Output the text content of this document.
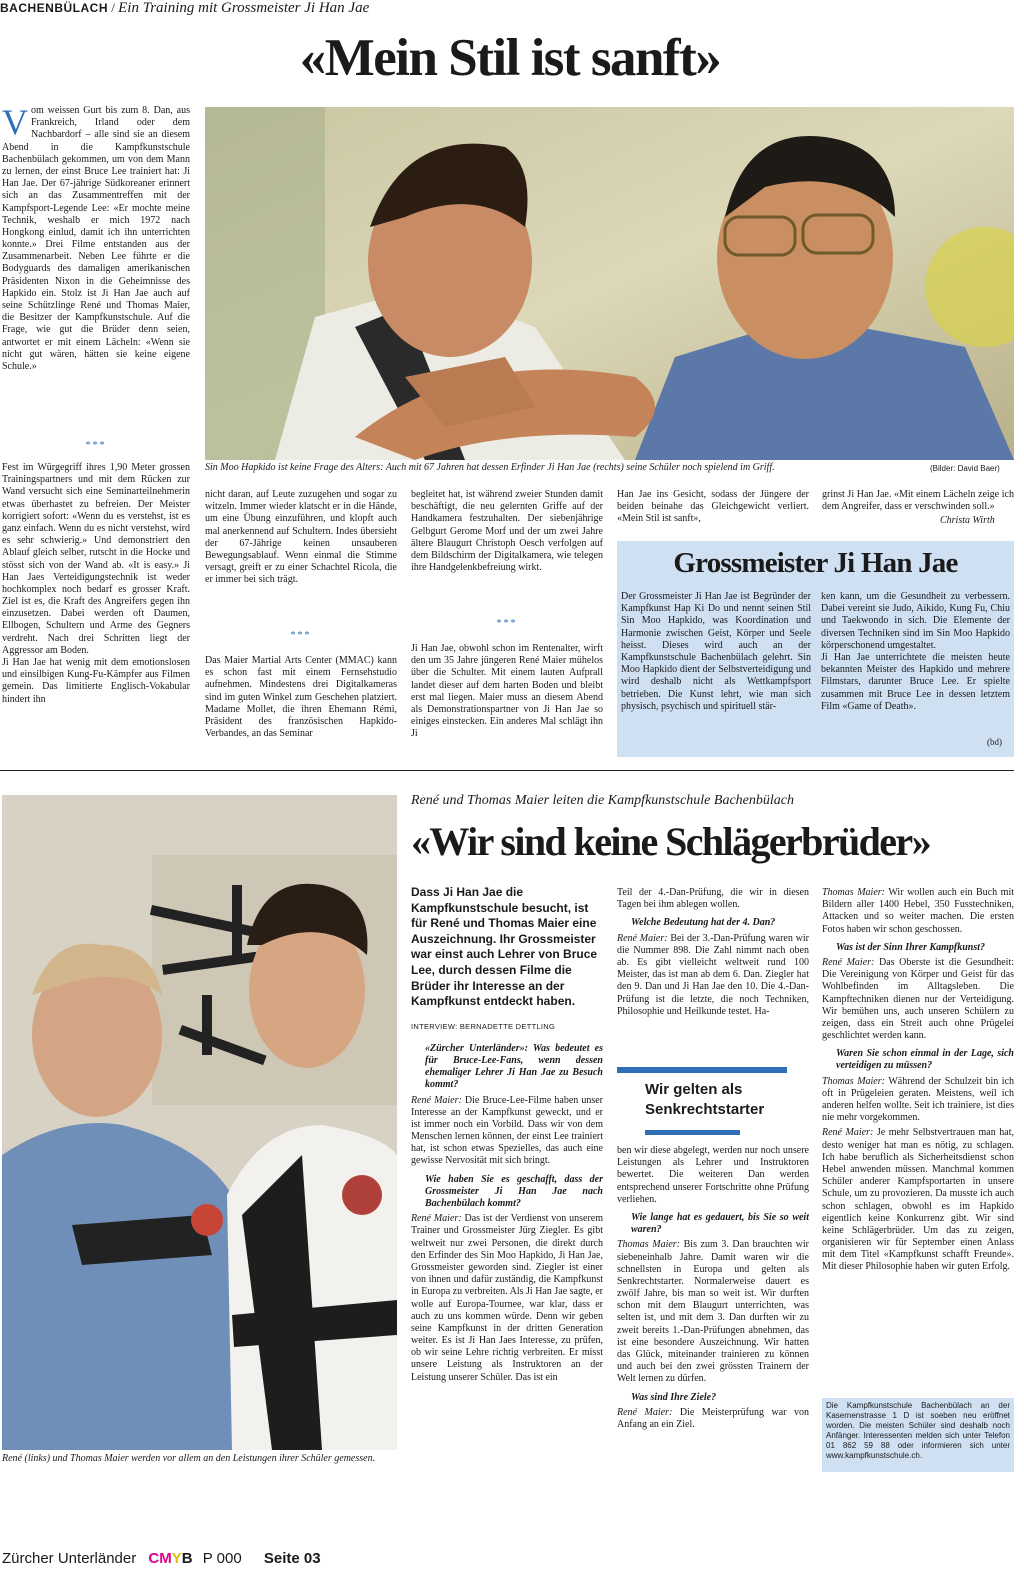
BACHENBÜLACH / Ein Training mit Grossmeister Ji Han Jae
«Mein Stil ist sanft»
Vom weissen Gurt bis zum 8. Dan, aus Frankreich, Irland oder dem Nachbardorf – alle sind sie an diesem Abend in die Kampfkunstschule Bachenbülach gekommen, um von dem Mann zu lernen, der einst Bruce Lee trainiert hat: Ji Han Jae. Der 67-jährige Südkoreaner erinnert sich an das Zusammentreffen mit der Kampfsport-Legende Lee: «Er mochte meine Technik, weshalb er mich 1972 nach Hongkong einlud, damit ich ihn unterrichten konnte.» Drei Filme entstanden aus der Zusammenarbeit. Neben Lee führte er die Bodyguards des damaligen amerikanischen Präsidenten Nixon in die Geheimnisse des Hapkido ein. Stolz ist Ji Han Jae auch auf seine Schützlinge René und Thomas Maier, die Besitzer der Kampfkunstschule. Auf die Frage, wie gut die Brüder denn seien, antwortet er mit einem Lächeln: «Wenn sie nicht gut wären, hätten sie keine eigene Schule.»
***
Sin Moo Hapkido ist keine Frage des Alters: Auch mit 67 Jahren hat dessen Erfinder Ji Han Jae (rechts) seine Schüler noch spielend im Griff.	(Bilder: David Baer)
Fest im Würgegriff ihres 1,90 Meter grossen Trainingspartners und mit dem Rücken zur Wand versucht sich eine Seminarteilnehmerin etwas überhastet zu befreien. Der Meister korrigiert sofort: «Wenn du es verstehst, ist es ganz einfach. Wenn du es nicht verstehst, wird es sehr schwierig.» Und demonstriert den Ablauf gleich selber, rutscht in die Hocke und stösst sich von der Wand ab. «It is easy.» Ji Han Jaes Verteidigungstechnik ist weder hochkomplex noch bedarf es grosser Kraft. Ziel ist es, die Kraft des Angreifers gegen ihn einzusetzen. Dabei werden oft Daumen, Ellbogen, Schultern und Arme des Gegners verdreht. Nach drei Schritten liegt der Aggressor am Boden.
Ji Han Jae hat wenig mit dem emotionslosen und einsilbigen Kung-Fu-Kämpfer aus Filmen gemein. Das limitierte Englisch-Vokabular hindert ihn
nicht daran, auf Leute zuzugehen und sogar zu witzeln. Immer wieder klatscht er in die Hände, um eine Übung einzuführen, und klopft auch mal anerkennend auf Schultern. Indes übersieht der 67-Jährige keinen unsauberen Bewegungsablauf. Wenn einmal die Stimme versagt, greift er zu einer Schachtel Ricola, die er immer bei sich trägt.
***
Das Maier Martial Arts Center (MMAC) kann es schon fast mit einem Fernsehstudio aufnehmen. Mindestens drei Digitalkameras sind im guten Winkel zum Geschehen platziert. Madame Mollet, die ihren Ehemann Rémi, Präsident des französischen Hapkido-Verbandes, an das Seminar
begleitet hat, ist während zweier Stunden damit beschäftigt, die neu gelernten Griffe auf der Handkamera festzuhalten. Der siebenjährige Gelbgurt Gerome Morf und der um zwei Jahre ältere Blaugurt Christoph Oesch verfolgen auf dem Bildschirm der Digitalkamera, wie telegen ihre Handgelenkbefreiung wirkt.
***
Ji Han Jae, obwohl schon im Rentenalter, wirft den um 35 Jahre jüngeren René Maier mühelos über die Schulter. Mit einem lauten Aufprall landet dieser auf dem harten Boden und bleibt erst mal liegen. Maier muss an diesem Abend als Demonstrationspartner von Ji Han Jae so einiges einstecken. Ein anderes Mal schlägt ihn Ji
Han Jae ins Gesicht, sodass der Jüngere der beiden beinahe das Gleichgewicht verliert. «Mein Stil ist sanft»,
grinst Ji Han Jae. «Mit einem Lächeln zeige ich dem Angreifer, dass er verschwinden soll.»
Christa Wirth
Grossmeister Ji Han Jae
Der Grossmeister Ji Han Jae ist Begründer der Kampfkunst Hap Ki Do und nennt seinen Stil Sin Moo Hapkido, was Koordination und Harmonie zwischen Geist, Körper und Seele heisst. Dieses wird auch an der Kampfkunstschule Bachenbülach gelehrt. Sin Moo Hapkido dient der Selbstverteidigung und wird deshalb nicht als Wettkampfsport betrieben. Die Kunst lehrt, wie man sich physisch, psychisch und spirituell stär-
ken kann, um die Gesundheit zu verbessern. Dabei vereint sie Judo, Aikido, Kung Fu, Chiu und Taekwondo in sich. Die Elemente der diversen Techniken sind im Sin Moo Hapkido körperschonend umgestaltet.
Ji Han Jae unterrichtete die meisten heute bekannten Meister des Hapkido und mehrere Filmstars, darunter Bruce Lee. Er spielte zusammen mit Bruce Lee in dessen letztem Film «Game of Death».
(bd)
René und Thomas Maier leiten die Kampfkunstschule Bachenbülach
«Wir sind keine Schlägerbrüder»
René (links) und Thomas Maier werden vor allem an den Leistungen ihrer Schüler gemessen.
Dass Ji Han Jae die Kampfkunstschule besucht, ist für René und Thomas Maier eine Auszeichnung. Ihr Grossmeister war einst auch Lehrer von Bruce Lee, durch dessen Filme die Brüder ihr Interesse an der Kampfkunst entdeckt haben.
INTERVIEW: BERNADETTE DETTLING

«Zürcher Unterländer»: Was bedeutet es für Bruce-Lee-Fans, wenn dessen ehemaliger Lehrer Ji Han Jae zu Besuch kommt?

René Maier: Die Bruce-Lee-Filme haben unser Interesse an der Kampfkunst geweckt, und er ist immer noch ein Vorbild. Dass wir von dem Menschen lernen können, der einst Lee trainiert hat, ist schon etwas Spezielles, das auch eine gewisse Nervosität mit sich bringt.

Wie haben Sie es geschafft, dass der Grossmeister Ji Han Jae nach Bachenbülach kommt?

René Maier: Das ist der Verdienst von unserem Trainer und Grossmeister Jürg Ziegler. Es gibt weltweit nur zwei Personen, die direkt durch den Erfinder des Sin Moo Hapkido, Ji Han Jae, Grossmeister geworden sind. Ziegler ist einer von ihnen und dafür zuständig, die Kampfkunst in Europa zu verbreiten. Als Ji Han Jae sagte, er wolle auf Europa-Tournee, war klar, dass er auch zu uns kommen würde. Denn wir geben seine Kampfkunst in der dritten Generation weiter. Es ist Ji Han Jaes Interesse, zu prüfen, ob wir seine Lehre richtig verbreiten. Er misst unsere Leistung als Instruktoren an der Leistung unserer Schüler. Das ist ein

Teil der 4.-Dan-Prüfung, die wir in diesen Tagen bei ihm ablegen wollen.

Welche Bedeutung hat der 4. Dan?

René Maier: Bei der 3.-Dan-Prüfung waren wir die Nummer 898. Die Zahl nimmt nach oben ab. Es gibt vielleicht weltweit rund 100 Meister, das ist man ab dem 6. Dan. Ziegler hat den 9. Dan und Ji Han Jae den 10. Die 4.-Dan-Prüfung ist die letzte, die noch Techniken, Philosophie und Heilkunde testet. Ha-

Wir gelten als Senkrechtstarter

ben wir diese abgelegt, werden nur noch unsere Leistungen als Lehrer und Instruktoren bewertet. Die weiteren Dan werden entsprechend unserer Fortschritte ohne Prüfung verliehen.

Wie lange hat es gedauert, bis Sie so weit waren?

Thomas Maier: Bis zum 3. Dan brauchten wir siebeneinhalb Jahre. Damit waren wir die schnellsten in Europa und gelten als Senkrechtstarter. Normalerweise dauert es zwölf Jahre, bis man so weit ist. Wir durften schon mit dem Blaugurt unterrichten, was selten ist, und mit dem 3. Dan durften wir zu zweit bereits 1.-Dan-Prüfungen abnehmen, das ist eine besondere Auszeichnung. Wir hatten das Glück, miteinander trainieren zu können und auch bei den zwei grössten Trainern der Welt lernen zu dürfen.

Was sind Ihre Ziele?

René Maier: Die Meisterprüfung war von Anfang an ein Ziel.

Thomas Maier: Wir wollen auch ein Buch mit Bildern aller 1400 Hebel, 350 Fusstechniken, Attacken und so weiter machen. Die ersten Fotos haben wir schon geschossen.

Was ist der Sinn Ihrer Kampfkunst?

René Maier: Das Oberste ist die Gesundheit: Die Vereinigung von Körper und Geist für das Wohlbefinden im Alltagsleben. Die Kampftechniken dienen nur der Verteidigung. Wir bemühen uns, auch unseren Schülern zu zeigen, dass ein Streit auch ohne Prügelei geschlichtet werden kann.

Waren Sie schon einmal in der Lage, sich verteidigen zu müssen?

Thomas Maier: Während der Schulzeit bin ich oft in Prügeleien geraten. Meistens, weil ich anderen helfen wollte. Seit ich trainiere, ist dies nie mehr vorgekommen.

René Maier: Je mehr Selbstvertrauen man hat, desto weniger hat man es nötig, zu schlagen. Ich habe beruflich als Sicherheitsdienst schon Hebel anwenden müssen. Manchmal kommen Schüler anderer Kampfsportarten in unsere Schule, um zu provozieren. Da musste ich auch schon schlagen, obwohl es im Hapkido eigentlich keine Konkurrenz gibt. Wir sind keine Schlägerbrüder. Um das zu zeigen, organisieren wir für September einen Anlass mit dem Titel «Kampfkunst schafft Freunde». Mit dieser Philosophie haben wir guten Erfolg.

Die Kampfkunstschule Bachenbülach an der Kasernenstrasse 1 D ist soeben neu eröffnet worden. Die meisten Schüler sind deshalb noch Anfänger. Interessenten melden sich unter Telefon 01 862 59 88 oder informieren sich unter www.kampfkunstschule.ch.
Zürcher Unterländer CMYB P 000 Seite 03
